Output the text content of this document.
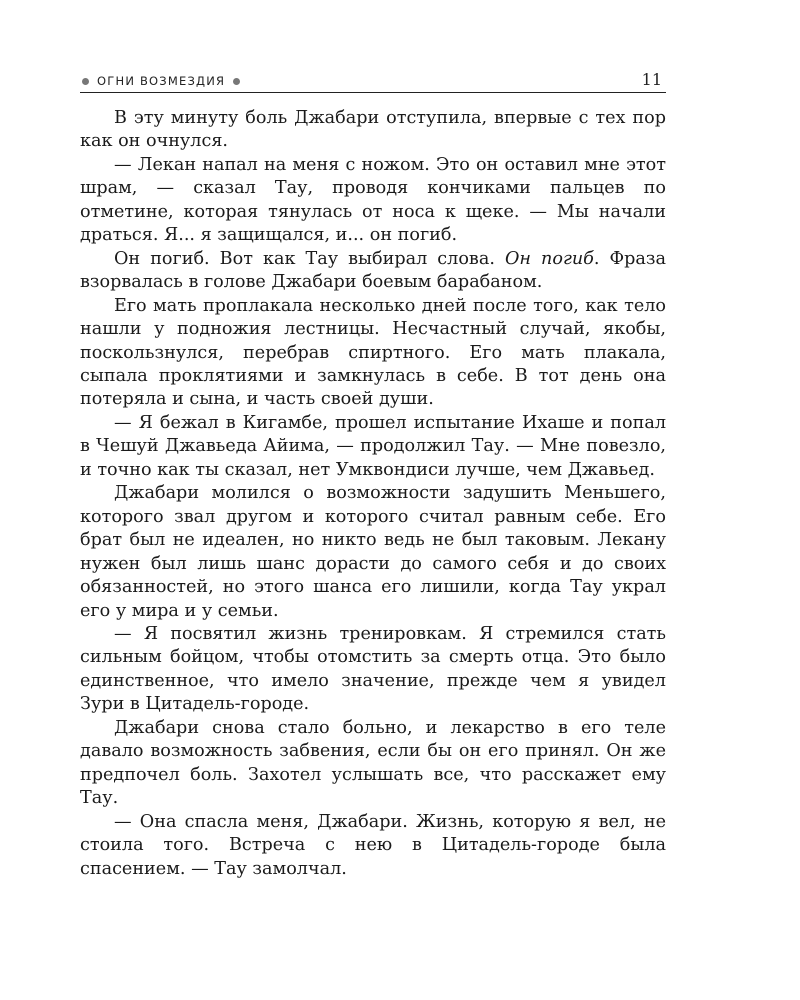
ОГНИ ВОЗМЕЗДИЯ	11

В эту минуту боль Джабари отступила, впервые с тех пор как он очнулся.

— Лекан напал на меня с ножом. Это он оставил мне этот шрам, — сказал Тау, проводя кончиками пальцев по отметине, которая тянулась от носа к щеке. — Мы начали драться. Я... я защищался, и... он погиб.

Он погиб. Вот как Тау выбирал слова. Он погиб. Фраза взорвалась в голове Джабари боевым барабаном.

Его мать проплакала несколько дней после того, как тело нашли у подножия лестницы. Несчастный случай, якобы, поскользнулся, перебрав спиртного. Его мать плакала, сыпала проклятиями и замкнулась в себе. В тот день она потеряла и сына, и часть своей души.

— Я бежал в Кигамбе, прошел испытание Ихаше и попал в Чешуй Джавьеда Айима, — продолжил Тау. — Мне повезло, и точно как ты сказал, нет Умквондиси лучше, чем Джавьед.

Джабари молился о возможности задушить Меньшего, которого звал другом и которого считал равным себе. Его брат был не идеален, но никто ведь не был таковым. Лекану нужен был лишь шанс дорасти до самого себя и до своих обязанностей, но этого шанса его лишили, когда Тау украл его у мира и у семьи.

— Я посвятил жизнь тренировкам. Я стремился стать сильным бойцом, чтобы отомстить за смерть отца. Это было единственное, что имело значение, прежде чем я увидел Зури в Цитадель-городе.

Джабари снова стало больно, и лекарство в его теле давало возможность забвения, если бы он его принял. Он же предпочел боль. Захотел услышать все, что расскажет ему Тау.

— Она спасла меня, Джабари. Жизнь, которую я вел, не стоила того. Встреча с нею в Цитадель-городе была спасением. — Тау замолчал.
